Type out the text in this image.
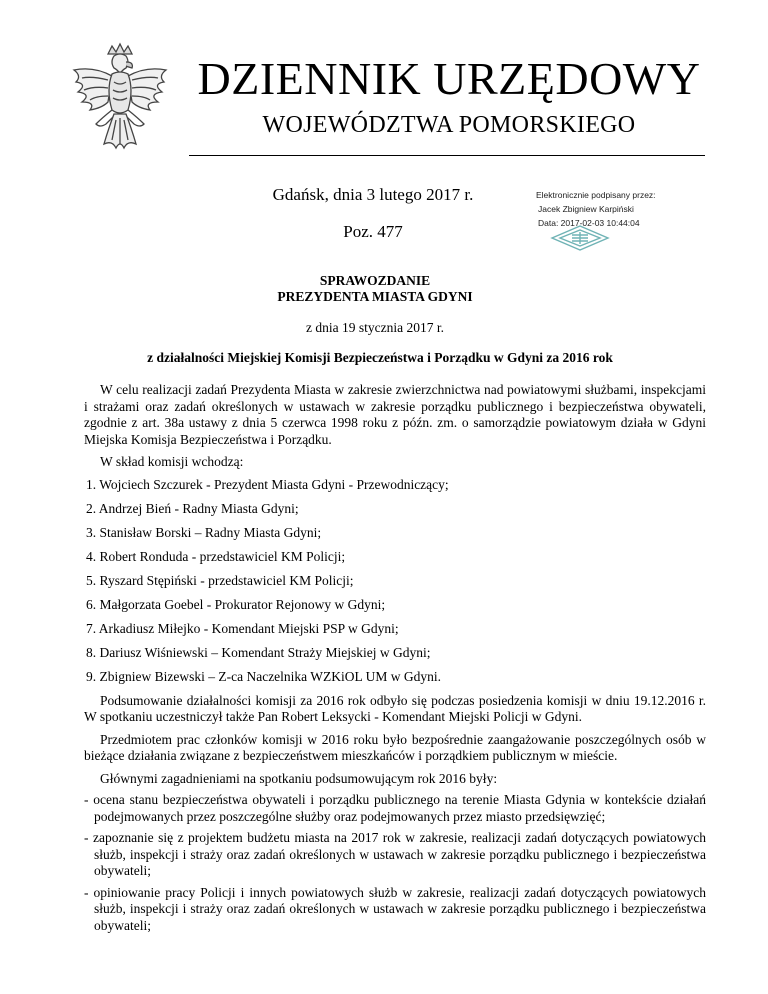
DZIENNIK URZĘDOWY
WOJEWÓDZTWA POMORSKIEGO
Gdańsk, dnia 3 lutego 2017 r.
Poz. 477
Elektronicznie podpisany przez:
Jacek Zbigniew Karpiński
Data: 2017-02-03 10:44:04
SPRAWOZDANIE
PREZYDENTA MIASTA GDYNI
z dnia 19 stycznia 2017 r.
z działalności Miejskiej Komisji Bezpieczeństwa i Porządku w Gdyni za 2016 rok

W celu realizacji zadań Prezydenta Miasta w zakresie zwierzchnictwa nad powiatowymi służbami, inspekcjami i strażami oraz zadań określonych w ustawach w zakresie porządku publicznego i bezpieczeństwa obywateli, zgodnie z art. 38a ustawy z dnia 5 czerwca 1998 roku z późn. zm. o samorządzie powiatowym działa w Gdyni Miejska Komisja Bezpieczeństwa i Porządku.

W skład komisji wchodzą:

1. Wojciech Szczurek - Prezydent Miasta Gdyni - Przewodniczący;
2. Andrzej Bień - Radny Miasta Gdyni;
3. Stanisław Borski – Radny Miasta Gdyni;
4. Robert Ronduda - przedstawiciel KM Policji;
5. Ryszard Stępiński - przedstawiciel KM Policji;
6. Małgorzata Goebel - Prokurator Rejonowy w Gdyni;
7. Arkadiusz Miłejko - Komendant Miejski PSP w Gdyni;
8. Dariusz Wiśniewski – Komendant Straży Miejskiej w Gdyni;
9. Zbigniew Bizewski – Z-ca Naczelnika WZKiOL UM w Gdyni.

Podsumowanie działalności komisji za 2016 rok odbyło się podczas posiedzenia komisji w dniu 19.12.2016 r. W spotkaniu uczestniczył także Pan Robert Leksycki - Komendant Miejski Policji w Gdyni.

Przedmiotem prac członków komisji w 2016 roku było bezpośrednie zaangażowanie poszczególnych osób w bieżące działania związane z bezpieczeństwem mieszkańców i porządkiem publicznym w mieście.

Głównymi zagadnieniami na spotkaniu podsumowującym rok 2016 były:

- ocena stanu bezpieczeństwa obywateli i porządku publicznego na terenie Miasta Gdynia w kontekście działań podejmowanych przez poszczególne służby oraz podejmowanych przez miasto przedsięwzięć;

- zapoznanie się z projektem budżetu miasta na 2017 rok w zakresie, realizacji zadań dotyczących powiatowych służb, inspekcji i straży oraz zadań określonych w ustawach w zakresie porządku publicznego i bezpieczeństwa obywateli;

- opiniowanie pracy Policji i innych powiatowych służb w zakresie, realizacji zadań dotyczących powiatowych służb, inspekcji i straży oraz zadań określonych w ustawach w zakresie porządku publicznego i bezpieczeństwa obywateli;
